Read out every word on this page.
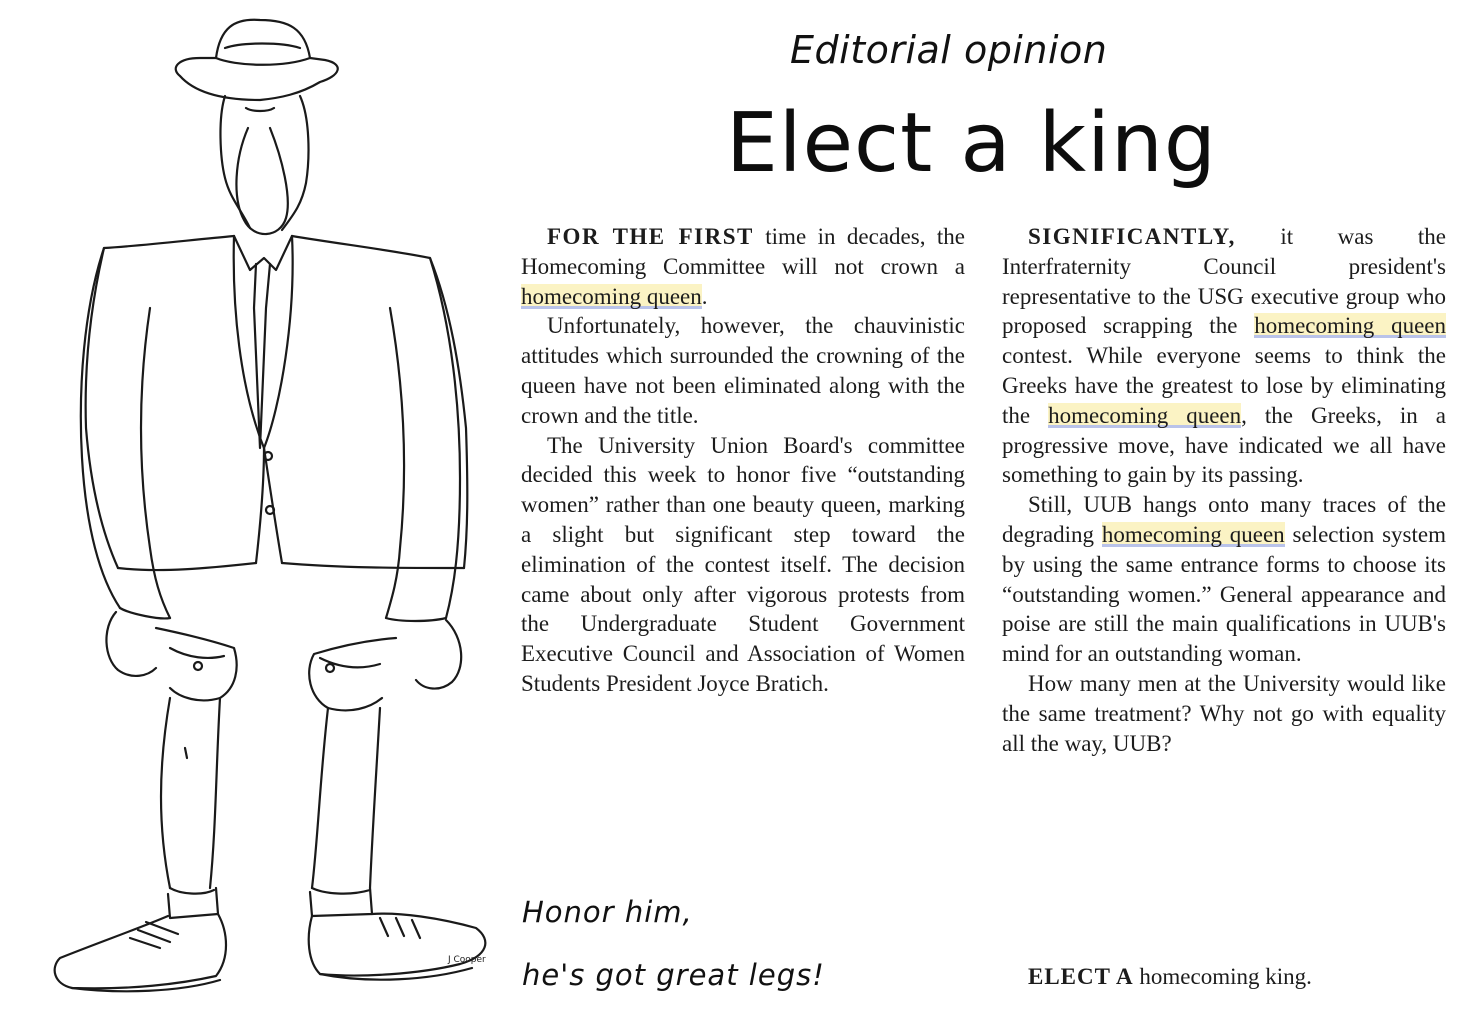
J Cooper
Honor him,
he's got great legs!
Editorial opinion
Elect a king

FOR THE FIRST time in decades, the Homecoming Committee will not crown a homecoming queen.

Unfortunately, however, the chauvinistic attitudes which surrounded the crowning of the queen have not been eliminated along with the crown and the title.

The University Union Board's committee decided this week to honor five “outstanding women” rather than one beauty queen, marking a slight but significant step toward the elimination of the contest itself. The decision came about only after vigorous protests from the Undergraduate Student Government Executive Council and Association of Women Students President Joyce Bratich.

SIGNIFICANTLY, it was the Interfraternity Council president's representative to the USG executive group who proposed scrapping the homecoming queen contest. While everyone seems to think the Greeks have the greatest to lose by eliminating the homecoming queen, the Greeks, in a progressive move, have indicated we all have something to gain by its passing.

Still, UUB hangs onto many traces of the degrading homecoming queen selection system by using the same entrance forms to choose its “outstanding women.” General appearance and poise are still the main qualifications in UUB's mind for an outstanding woman.

How many men at the University would like the same treatment? Why not go with equality all the way, UUB?

ELECT A homecoming king.
